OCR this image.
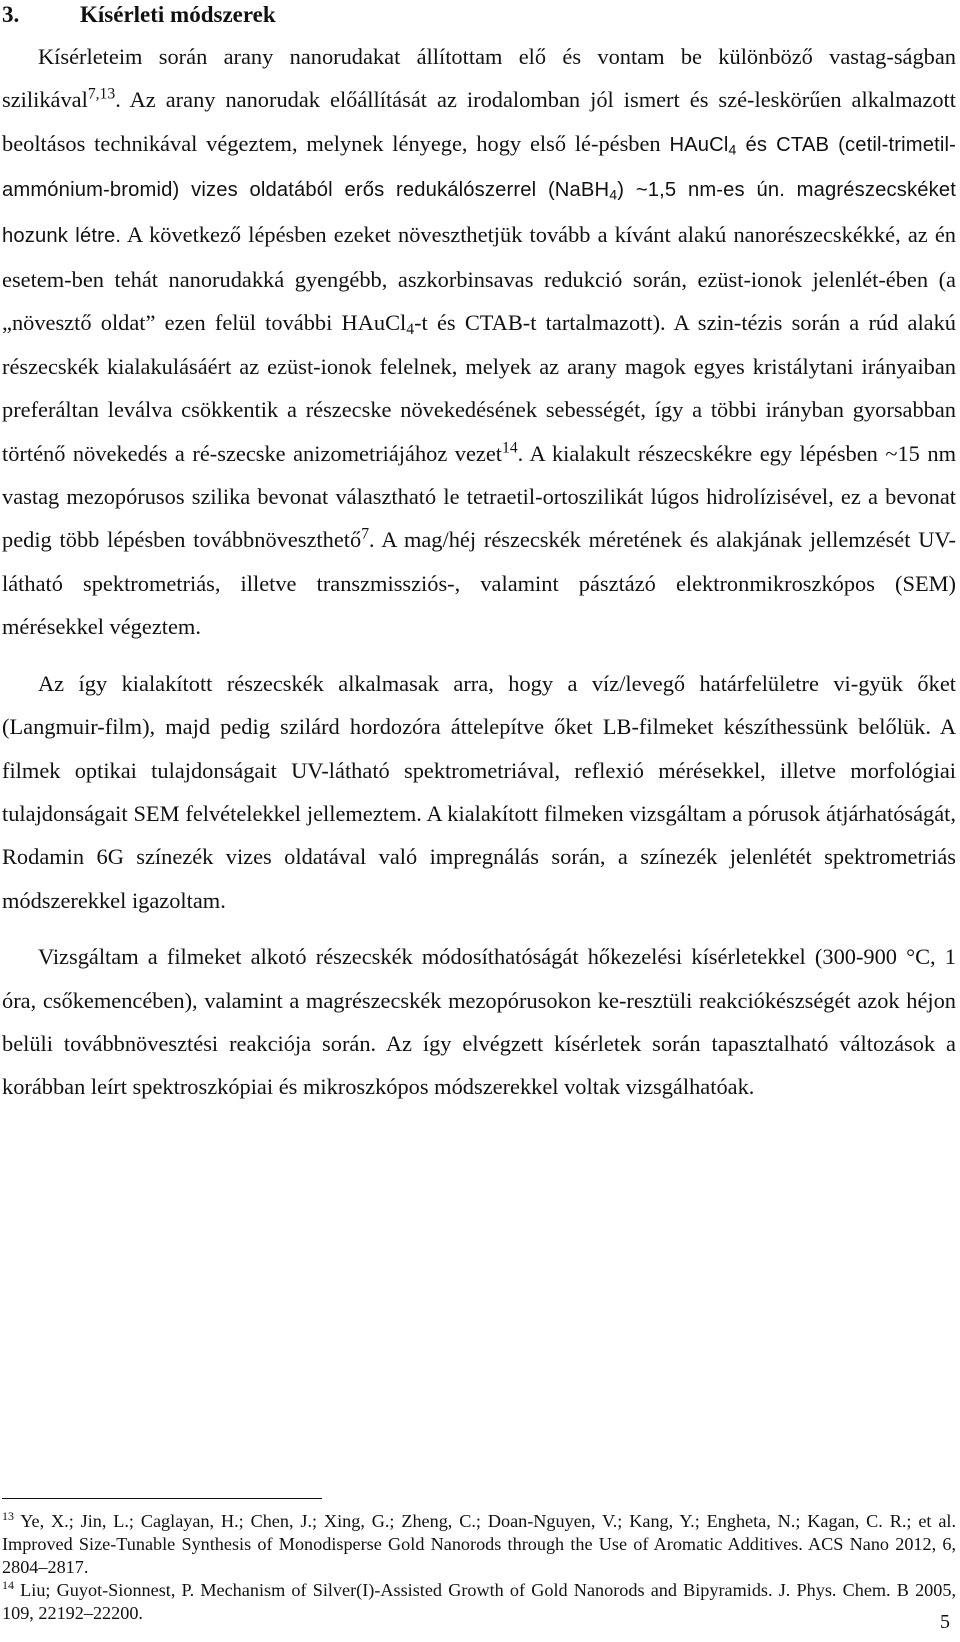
3.	Kísérleti módszerek

Kísérleteim során arany nanorudakat állítottam elő és vontam be különböző vastag-ságban szilikával$^{7,13}$. Az arany nanorudak előállítását az irodalomban jól ismert és szé-leskörűen alkalmazott beoltásos technikával végeztem, melynek lényege, hogy első lé-pésben HAuCl$_4$ és CTAB (cetil-trimetil-ammónium-bromid) vizes oldatából erős redukálószerrel (NaBH$_4$) ~1,5 nm-es ún. magrészecskéket hozunk létre. A következő lépésben ezeket növeszthetjük tovább a kívánt alakú nanorészecskékké, az én esetem-ben tehát nanorudakká gyengébb, aszkorbinsavas redukció során, ezüst-ionok jelenlét-ében (a „növesztő oldat” ezen felül további HAuCl$_4$-t és CTAB-t tartalmazott). A szin-tézis során a rúd alakú részecskék kialakulásáért az ezüst-ionok felelnek, melyek az arany magok egyes kristálytani irányaiban preferáltan leválva csökkentik a részecske növekedésének sebességét, így a többi irányban gyorsabban történő növekedés a ré-szecske anizometriájához vezet$^{14}$. A kialakult részecskékre egy lépésben ~15 nm vastag mezopórusos szilika bevonat választható le tetraetil-ortoszilikát lúgos hidrolízisével, ez a bevonat pedig több lépésben továbbnöveszthető$^7$. A mag/héj részecskék méretének és alakjának jellemzését UV-látható spektrometriás, illetve transzmissziós-, valamint pásztázó elektronmikroszkópos (SEM) mérésekkel végeztem.

Az így kialakított részecskék alkalmasak arra, hogy a víz/levegő határfelületre vi-gyük őket (Langmuir-film), majd pedig szilárd hordozóra áttelepítve őket LB-filmeket készíthessünk belőlük. A filmek optikai tulajdonságait UV-látható spektrometriával, reflexió mérésekkel, illetve morfológiai tulajdonságait SEM felvételekkel jellemeztem. A kialakított filmeken vizsgáltam a pórusok átjárhatóságát, Rodamin 6G színezék vizes oldatával való impregnálás során, a színezék jelenlétét spektrometriás módszerekkel igazoltam.

Vizsgáltam a filmeket alkotó részecskék módosíthatóságát hőkezelési kísérletekkel (300-900 °C, 1 óra, csőkemencében), valamint a magrészecskék mezopórusokon ke-resztüli reakciókészségét azok héjon belüli továbbnövesztési reakciója során. Az így elvégzett kísérletek során tapasztalható változások a korábban leírt spektroszkópiai és mikroszkópos módszerekkel voltak vizsgálhatóak.

$^{13}$ Ye, X.; Jin, L.; Caglayan, H.; Chen, J.; Xing, G.; Zheng, C.; Doan-Nguyen, V.; Kang, Y.; Engheta, N.; Kagan, C. R.; et al. Improved Size-Tunable Synthesis of Monodisperse Gold Nanorods through the Use of Aromatic Additives. ACS Nano 2012, 6, 2804–2817.

$^{14}$ Liu; Guyot-Sionnest, P. Mechanism of Silver(I)-Assisted Growth of Gold Nanorods and Bipyramids. J. Phys. Chem. B 2005, 109, 22192–22200.	5
